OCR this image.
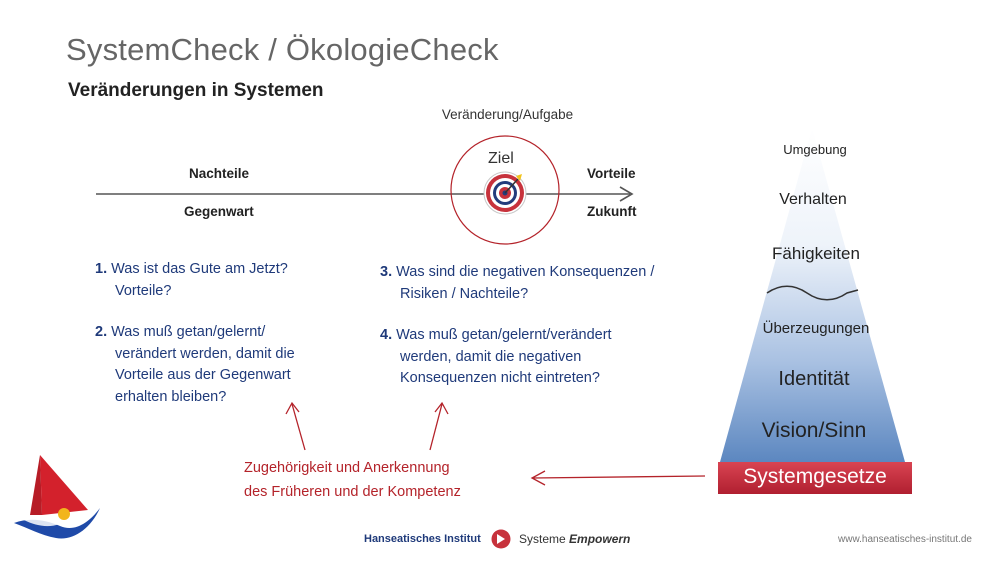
SystemCheck / ÖkologieCheck
Veränderungen in Systemen
Veränderung/Aufgabe
Ziel
Nachteile
Gegenwart
Vorteile
Zukunft
1. Was ist das Gute am Jetzt?
Vorteile?
2. Was muß getan/gelernt/
verändert werden, damit die
Vorteile aus der Gegenwart
erhalten bleiben?
3. Was sind die negativen Konsequenzen /
Risiken / Nachteile?
4. Was muß getan/gelernt/verändert
werden, damit die negativen
Konsequenzen nicht eintreten?
Zugehörigkeit und Anerkennung
des Früheren und der Kompetenz
Umgebung
Verhalten
Fähigkeiten
Überzeugungen
Identität
Vision/Sinn
Systemgesetze
Hanseatisches Institut	Systeme Empowern	www.hanseatisches-institut.de
